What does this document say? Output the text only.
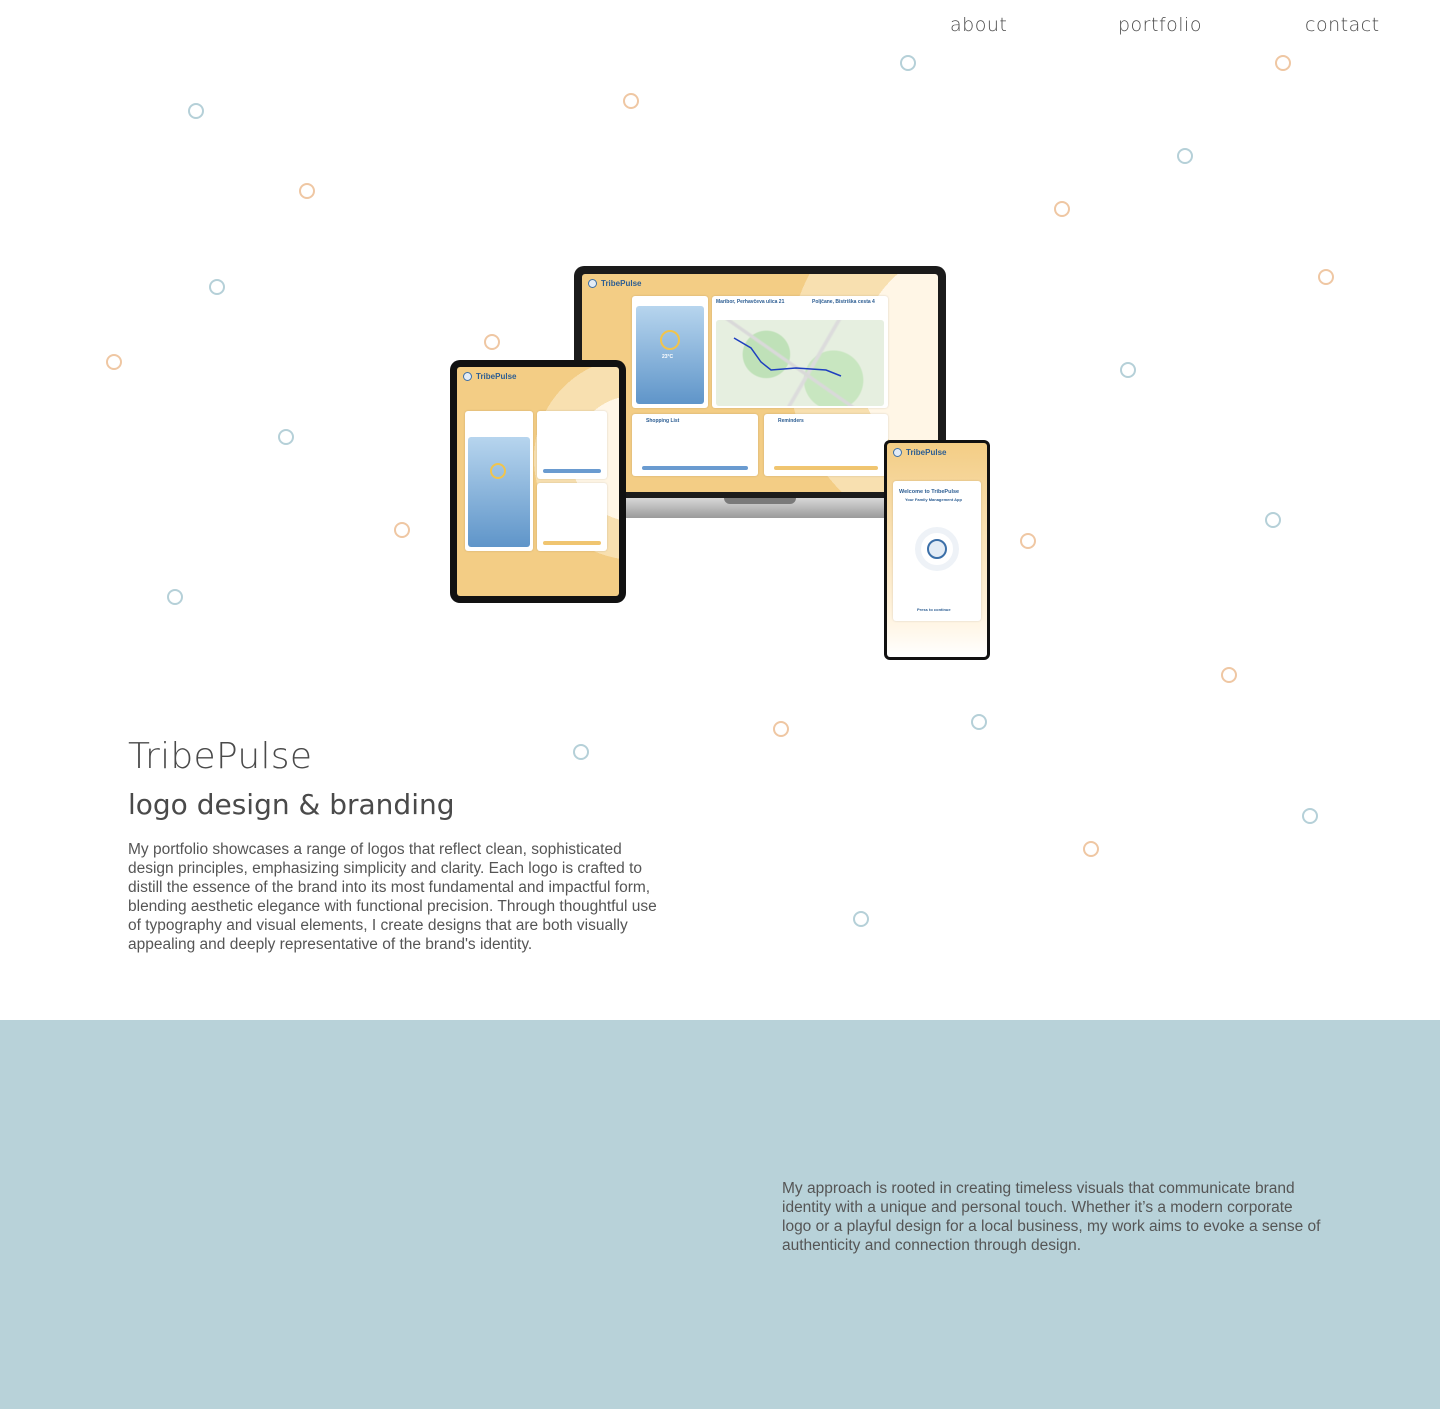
about	portfolio	contact
TribePulse
23°C
Maribor, Perhavčeva ulica 21	Poljčane, Bistriška cesta 4
Shopping List	Reminders
TribePulse
TribePulse
Welcome to TribePulse
Your Family Management App
Press to continue
TribePulse
logo design & branding

My portfolio showcases a range of logos that reflect clean, sophisticated design principles, emphasizing simplicity and clarity. Each logo is crafted to distill the essence of the brand into its most fundamental and impactful form, blending aesthetic elegance with functional precision. Through thoughtful use of typography and visual elements, I create designs that are both visually appealing and deeply representative of the brand's identity.

My approach is rooted in creating timeless visuals that communicate brand identity with a unique and personal touch. Whether it’s a modern corporate logo or a playful design for a local business, my work aims to evoke a sense of authenticity and connection through design.
